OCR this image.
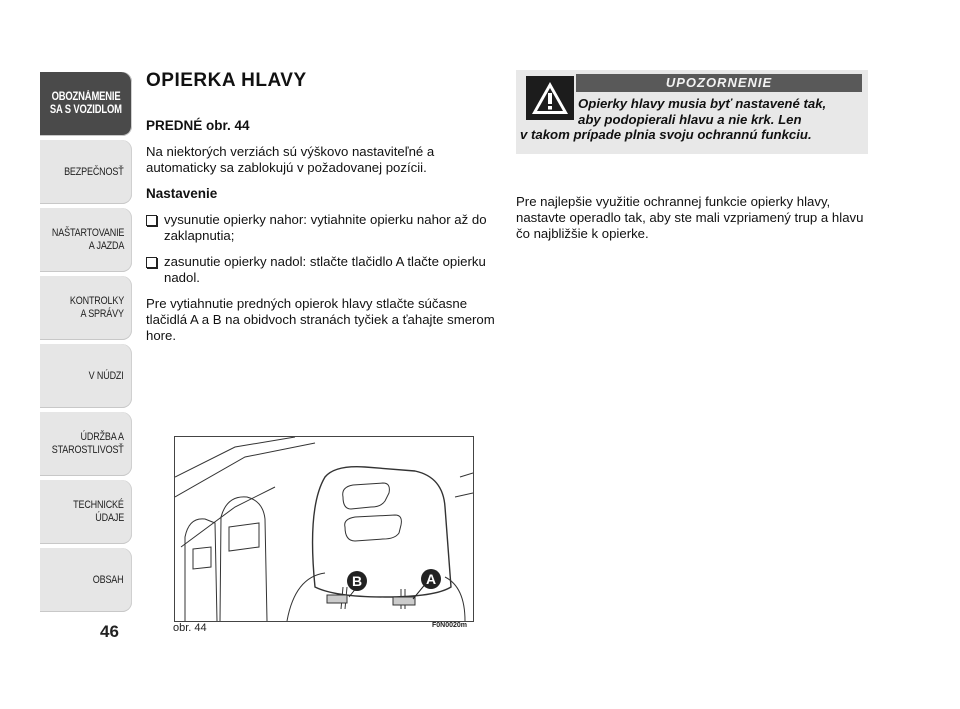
OBOZNÁMENIE
SA S VOZIDLOM
BEZPEČNOSŤ
NAŠTARTOVANIE
A JAZDA
KONTROLKY
A SPRÁVY
V NÚDZI
ÚDRŽBA A
STAROSTLIVOSŤ
TECHNICKÉ
ÚDAJE
OBSAH
46
OPIERKA HLAVY

PREDNÉ obr. 44

Na niektorých verziách sú výškovo nastaviteľné a automaticky sa zablokujú v požadovanej pozícii.

Nastavenie

vysunutie opierky nahor: vytiahnite opierku nahor až do zaklapnutia;

zasunutie opierky nadol: stlačte tlačidlo A tlačte opierku nadol.

Pre vytiahnutie predných opierok hlavy stlačte súčasne tlačidlá A a B na obidvoch stranách tyčiek a ťahajte smerom hore.

UPOZORNENIE
Opierky hlavy musia byť nastavené tak,
aby podopierali hlavu a nie krk. Len
v takom prípade plnia svoju ochrannú funkciu.
Pre najlepšie využitie ochrannej funkcie opierky hlavy, nastavte operadlo tak, aby ste mali vzpriamený trup a hlavu čo najbližšie k opierke.
B	A
obr. 44	F0N0020m
